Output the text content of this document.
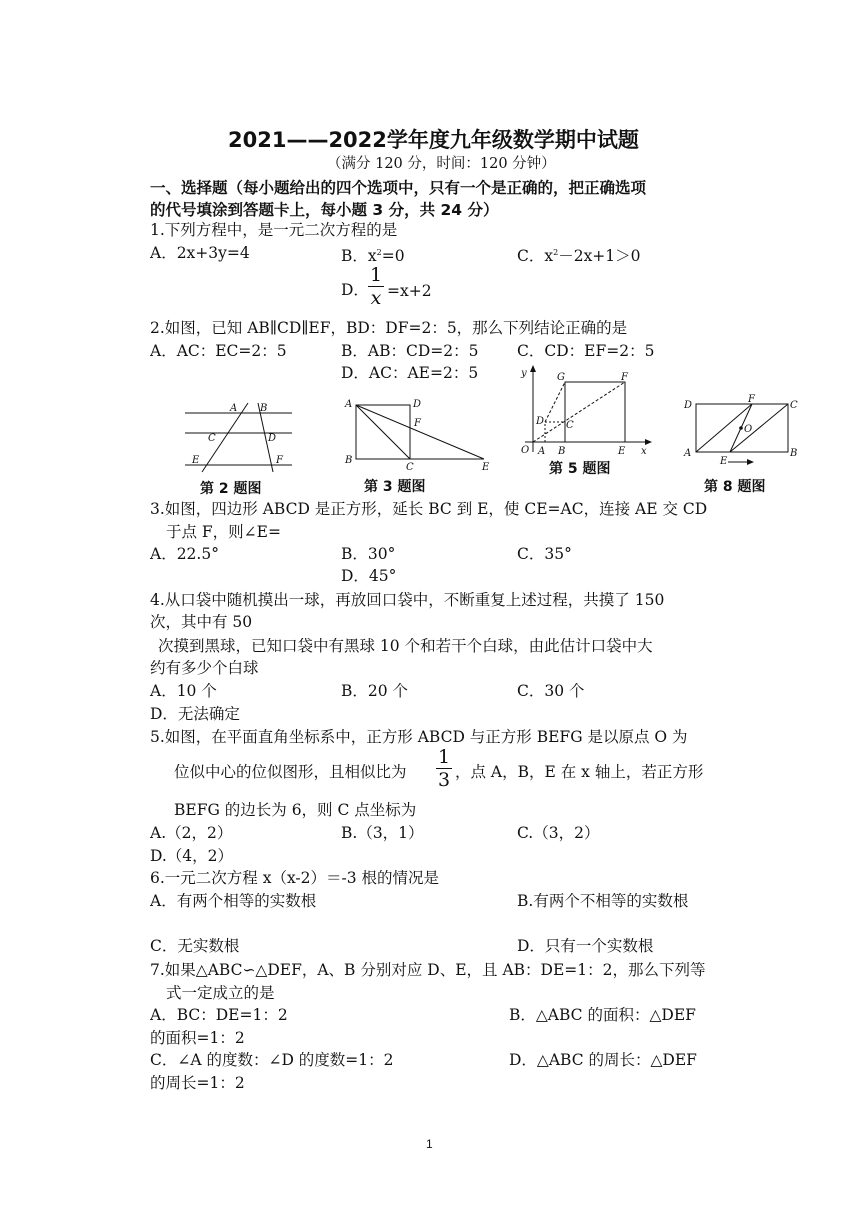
2021——2022学年度九年级数学期中试题
（满分 120 分，时间：120 分钟）
一、选择题（每小题给出的四个选项中，只有一个是正确的，把正确选项
的代号填涂到答题卡上，每小题 3 分，共 24 分）
1.下列方程中，是一元二次方程的是
A．2x+3y=4	B．$x^2=0$	C．$x^2-2x+1>0$
D．
1
x =x+2
2.如图，已知 AB∥CD∥EF，BD：DF=2：5，那么下列结论正确的是
A．AC：EC=2：5	B．AB：CD=2：5 C．CD：EF=2：5
D．AC：AE=2：5
A B
C	D
E	F
第 2 题图
A	D
F
B
C	E
第 3 题图
y
x
O A B
D C
G	F
E
第 5 题图
D
F
C
O
A
E
B
第 8 题图
3.如图，四边形 ABCD 是正方形，延长 BC 到 E，使 CE=AC，连接 AE 交 CD
于点 F，则∠E=
A．22.5°	B．30°	C．35°
D．45°
4.从口袋中随机摸出一球，再放回口袋中，不断重复上述过程，共摸了 150
次，其中有 50
次摸到黑球，已知口袋中有黑球 10 个和若干个白球，由此估计口袋中大
约有多少个白球
A．10 个	B．20 个	C．30 个
D．无法确定
5.如图，在平面直角坐标系中，正方形 ABCD 与正方形 BEFG 是以原点 O 为
位似中心的位似图形，且相似比为
1
3 ，点 A，B，E 在 x 轴上，若正方形
BEFG 的边长为 6，则 C 点坐标为
A.（2，2）	B.（3，1）	C.（3，2）
D.（4，2）
6.一元二次方程 x（x-2）＝-3 根的情况是
A．有两个相等的实数根	B.有两个不相等的实数根
C．无实数根	D．只有一个实数根
7.如果△ABC∽△DEF，A、B 分别对应 D、E，且 AB：DE=1：2，那么下列等
式一定成立的是
A．BC：DE=1：2	B．△ABC 的面积：△DEF
的面积=1：2
C．∠A 的度数：∠D 的度数=1：2	D．△ABC 的周长：△DEF
的周长=1：2
1
